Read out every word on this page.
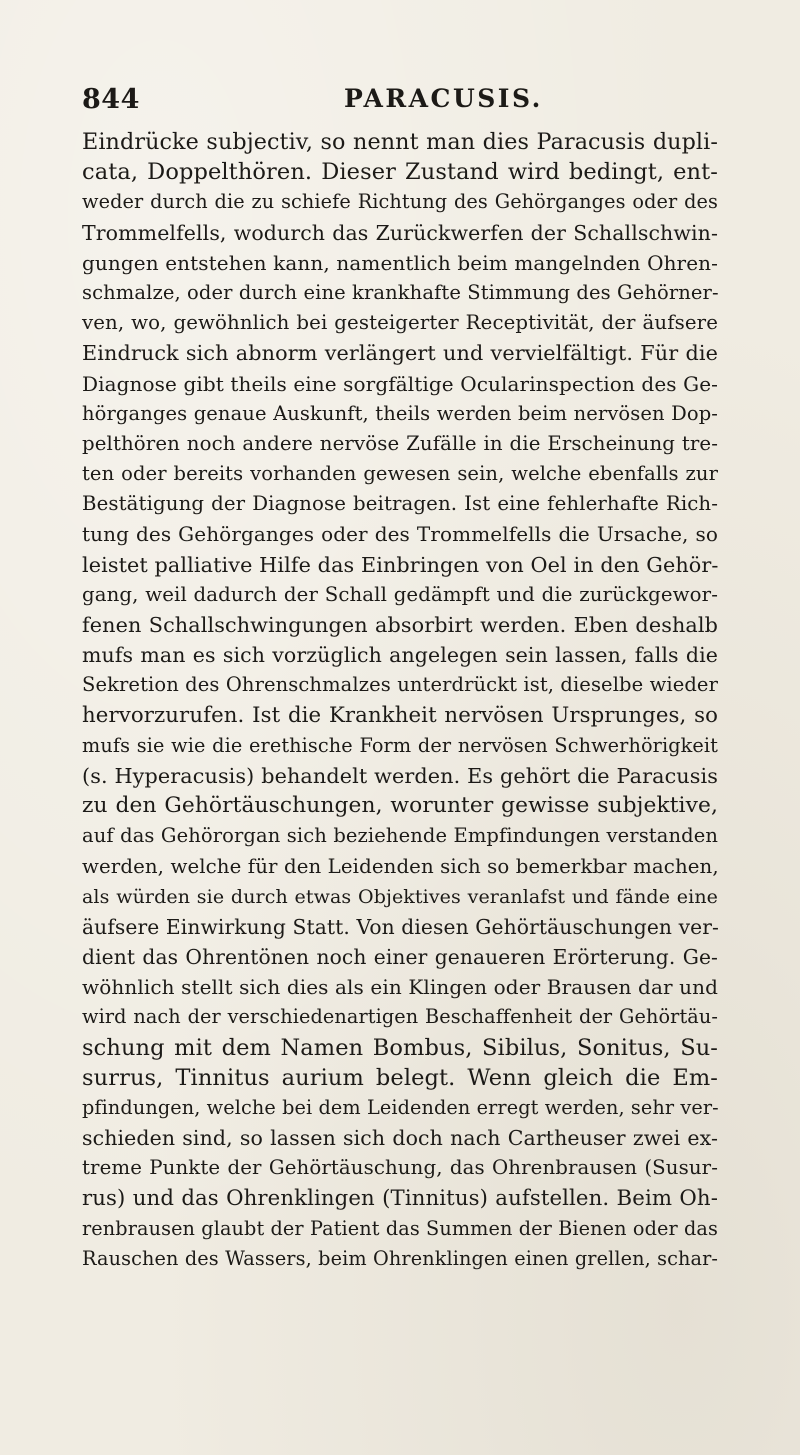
844	PARACUSIS.
Eindrücke subjectiv, so nennt man dies Paracusis dupli-
cata, Doppelthören. Dieser Zustand wird bedingt, ent-
weder durch die zu schiefe Richtung des Gehörganges oder des
Trommelfells, wodurch das Zurückwerfen der Schallschwin-
gungen entstehen kann, namentlich beim mangelnden Ohren-
schmalze, oder durch eine krankhafte Stimmung des Gehörner-
ven, wo, gewöhnlich bei gesteigerter Receptivität, der äufsere
Eindruck sich abnorm verlängert und vervielfältigt. Für die
Diagnose gibt theils eine sorgfältige Ocularinspection des Ge-
hörganges genaue Auskunft, theils werden beim nervösen Dop-
pelthören noch andere nervöse Zufälle in die Erscheinung tre-
ten oder bereits vorhanden gewesen sein, welche ebenfalls zur
Bestätigung der Diagnose beitragen. Ist eine fehlerhafte Rich-
tung des Gehörganges oder des Trommelfells die Ursache, so
leistet palliative Hilfe das Einbringen von Oel in den Gehör-
gang, weil dadurch der Schall gedämpft und die zurückgewor-
fenen Schallschwingungen absorbirt werden. Eben deshalb
mufs man es sich vorzüglich angelegen sein lassen, falls die
Sekretion des Ohrenschmalzes unterdrückt ist, dieselbe wieder
hervorzurufen. Ist die Krankheit nervösen Ursprunges, so
mufs sie wie die erethische Form der nervösen Schwerhörigkeit
(s. Hyperacusis) behandelt werden. Es gehört die Paracusis
zu den Gehörtäuschungen, worunter gewisse subjektive,
auf das Gehörorgan sich beziehende Empfindungen verstanden
werden, welche für den Leidenden sich so bemerkbar machen,
als würden sie durch etwas Objektives veranlafst und fände eine
äufsere Einwirkung Statt. Von diesen Gehörtäuschungen ver-
dient das Ohrentönen noch einer genaueren Erörterung. Ge-
wöhnlich stellt sich dies als ein Klingen oder Brausen dar und
wird nach der verschiedenartigen Beschaffenheit der Gehörtäu-
schung mit dem Namen Bombus, Sibilus, Sonitus, Su-
surrus, Tinnitus aurium belegt. Wenn gleich die Em-
pfindungen, welche bei dem Leidenden erregt werden, sehr ver-
schieden sind, so lassen sich doch nach Cartheuser zwei ex-
treme Punkte der Gehörtäuschung, das Ohrenbrausen (Susur-
rus) und das Ohrenklingen (Tinnitus) aufstellen. Beim Oh-
renbrausen glaubt der Patient das Summen der Bienen oder das
Rauschen des Wassers, beim Ohrenklingen einen grellen, schar-
